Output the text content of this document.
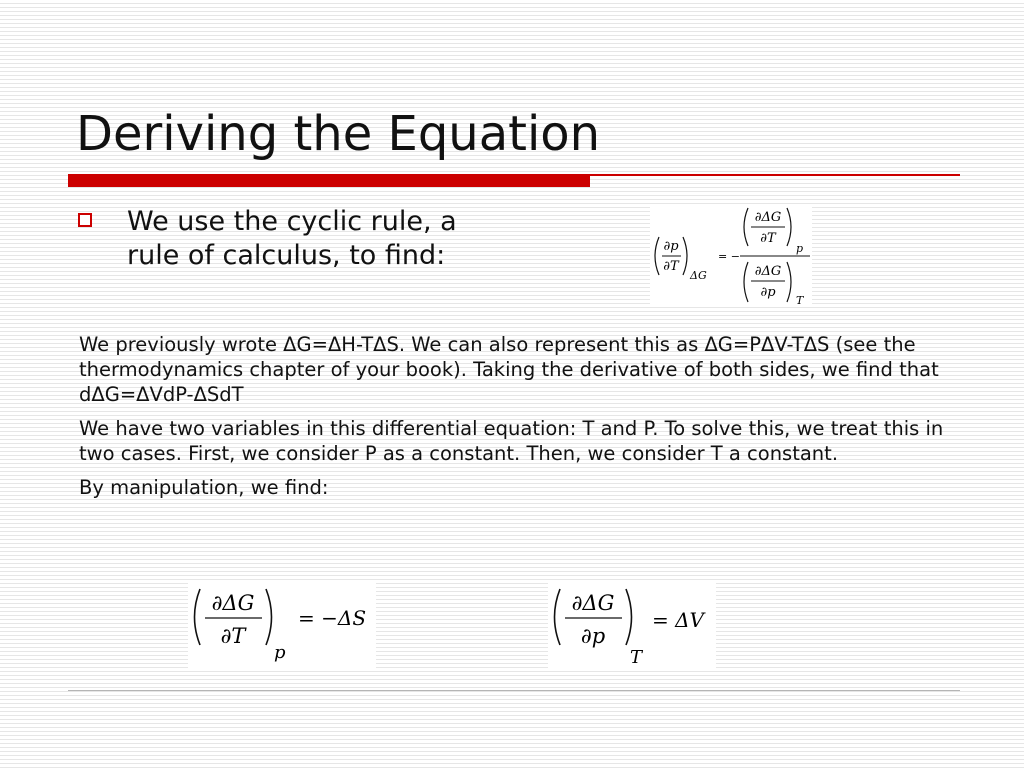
Deriving the Equation
We use the cyclic rule, a
rule of calculus, to find:	∂p
∂T
ΔG
= −
∂ΔG
∂T
p
∂ΔG
∂p
T

We previously wrote ΔG=ΔH-TΔS. We can also represent this as ΔG=PΔV-TΔS (see the thermodynamics chapter of your book). Taking the derivative of both sides, we find that dΔG=ΔVdP-ΔSdT

We have two variables in this differential equation: T and P. To solve this, we treat this in two cases. First, we consider P as a constant. Then, we consider T a constant.

By manipulation, we find:

∂ΔG
∂T
p
= −ΔS
∂ΔG
∂p
T
= ΔV
